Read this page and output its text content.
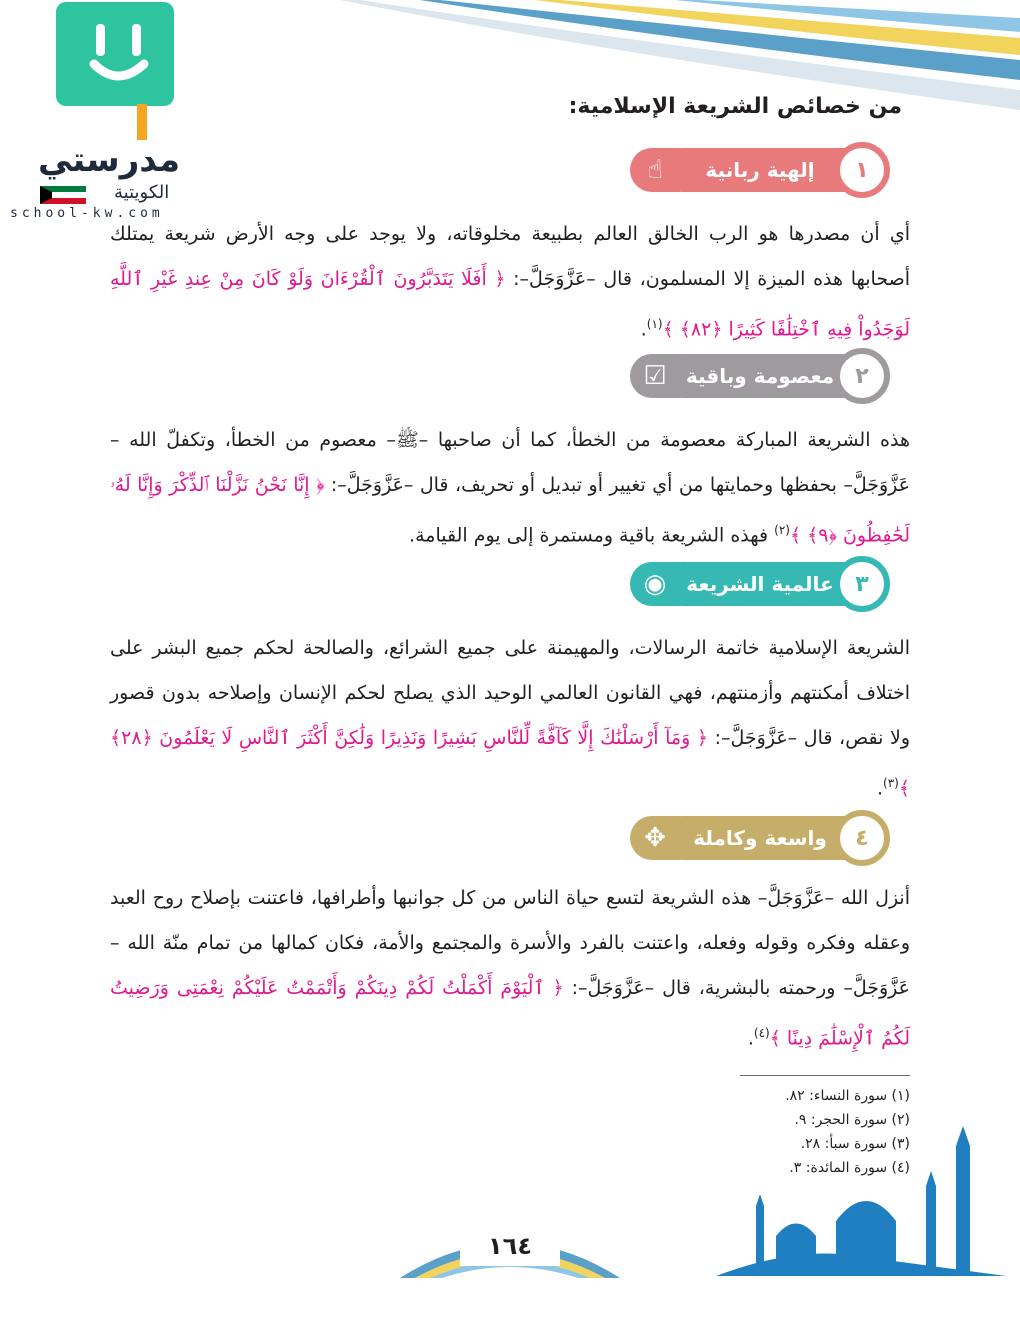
مدرستي
الكويتية
school-kw.com
من خصائص الشريعة الإسلامية:
إلهية ربانية
☝	١
أي أن مصدرها هو الرب الخالق العالم بطبيعة مخلوقاته، ولا يوجد على وجه الأرض شريعة يمتلك أصحابها هذه الميزة إلا المسلمون، قال –عَزَّوَجَلَّ–: ﴿ أَفَلَا يَتَدَبَّرُونَ ٱلْقُرْءَانَ وَلَوْ كَانَ مِنْ عِندِ غَيْرِ ٱللَّهِ لَوَجَدُواْ فِيهِ ٱخْتِلَٰفًا كَثِيرًا ﴿٨٢﴾ ﴾$^{(١)}$.
معصومة وباقية
☑	٢
هذه الشريعة المباركة معصومة من الخطأ، كما أن صاحبها –ﷺ– معصوم من الخطأ، وتكفلّ الله –عَزَّوَجَلَّ– بحفظها وحمايتها من أي تغيير أو تبديل أو تحريف، قال –عَزَّوَجَلَّ–: ﴿ إِنَّا نَحْنُ نَزَّلْنَا ٱلذِّكْرَ وَإِنَّا لَهُۥ لَحَٰفِظُونَ ﴿٩﴾ ﴾$^{(٢)}$ فهذه الشريعة باقية ومستمرة إلى يوم القيامة.
عالمية الشريعة
◉	٣
الشريعة الإسلامية خاتمة الرسالات، والمهيمنة على جميع الشرائع، والصالحة لحكم جميع البشر على اختلاف أمكنتهم وأزمنتهم، فهي القانون العالمي الوحيد الذي يصلح لحكم الإنسان وإصلاحه بدون قصور ولا نقص، قال –عَزَّوَجَلَّ–: ﴿ وَمَآ أَرْسَلْنَٰكَ إِلَّا كَآفَّةً لِّلنَّاسِ بَشِيرًا وَنَذِيرًا وَلَٰكِنَّ أَكْثَرَ ٱلنَّاسِ لَا يَعْلَمُونَ ﴿٢٨﴾ ﴾$^{(٣)}$.
واسعة وكاملة
✥	٤
أنزل الله –عَزَّوَجَلَّ– هذه الشريعة لتسع حياة الناس من كل جوانبها وأطرافها، فاعتنت بإصلاح روح العبد وعقله وفكره وقوله وفعله، واعتنت بالفرد والأسرة والمجتمع والأمة، فكان كمالها من تمام منّة الله –عَزَّوَجَلَّ– ورحمته بالبشرية، قال –عَزَّوَجَلَّ–: ﴿ ٱلْيَوْمَ أَكْمَلْتُ لَكُمْ دِينَكُمْ وَأَتْمَمْتُ عَلَيْكُمْ نِعْمَتِى وَرَضِيتُ لَكُمُ ٱلْإِسْلَٰمَ دِينًا ﴾$^{(٤)}$.
(١) سورة النساء: ٨٢.
(٢) سورة الحجر: ٩.
(٣) سورة سبأ: ٢٨.
(٤) سورة المائدة: ٣.
١٦٤
